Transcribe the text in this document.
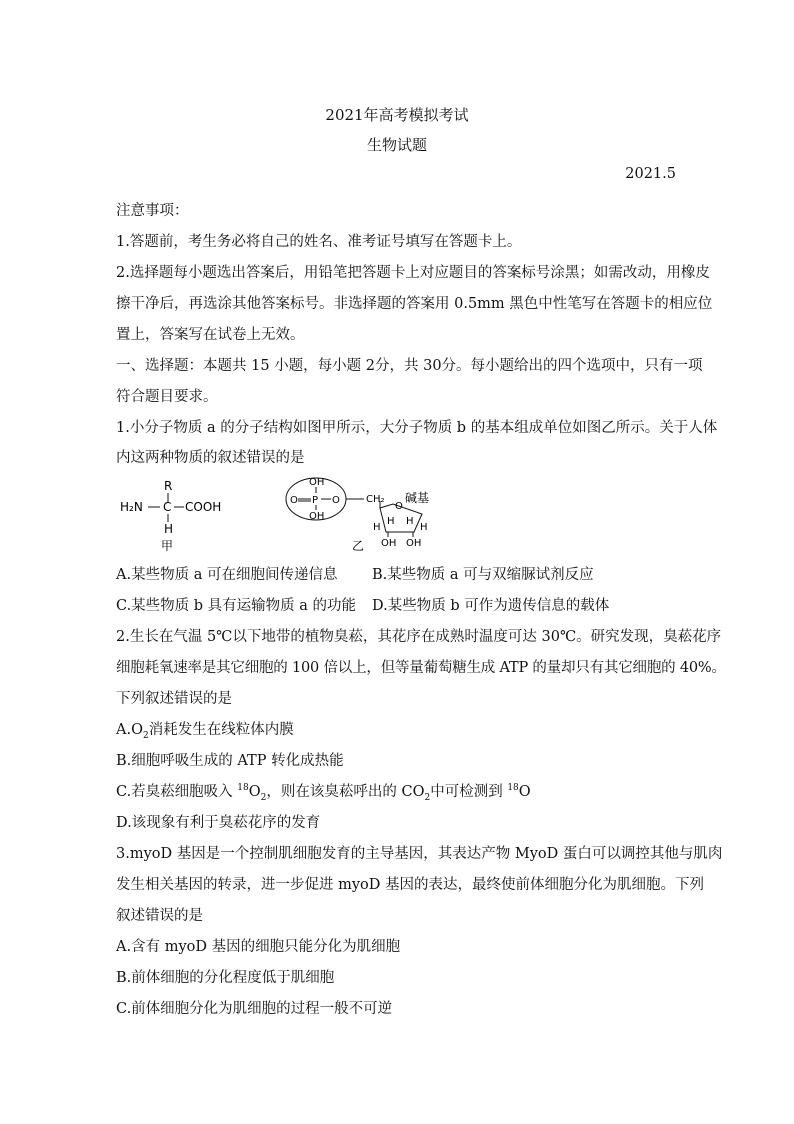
2021年高考模拟考试
生物试题
2021.5
注意事项：
1.答题前，考生务必将自己的姓名、准考证号填写在答题卡上。
2.选择题每小题选出答案后，用铅笔把答题卡上对应题目的答案标号涂黑；如需改动，用橡皮
擦干净后，再选涂其他答案标号。非选择题的答案用 0.5mm 黑色中性笔写在答题卡的相应位
置上，答案写在试卷上无效。
一、选择题：本题共 15 小题，每小题 2分，共 30分。每小题给出的四个选项中，只有一项
符合题目要求。
1.小分子物质 a 的分子结构如图甲所示，大分子物质 b 的基本组成单位如图乙所示。关于人体
内这两种物质的叙述错误的是
R
H₂N C COOH
H
甲
OH
O P O
OH
CH₂
O
碱基
H
H H
H
OH OH
乙
A.某些物质 a 可在细胞间传递信息 B.某些物质 a 可与双缩脲试剂反应
C.某些物质 b 具有运输物质 a 的功能 D.某些物质 b 可作为遗传信息的载体
2.生长在气温 5℃以下地带的植物臭菘，其花序在成熟时温度可达 30℃。研究发现，臭菘花序
细胞耗氧速率是其它细胞的 100 倍以上，但等量葡萄糖生成 ATP 的量却只有其它细胞的 40%。
下列叙述错误的是
$A.O_2$消耗发生在线粒体内膜
B.细胞呼吸生成的 ATP 转化成热能
C.若臭菘细胞吸入 $^{18}O_2$，则在该臭菘呼出的 $CO_2$中可检测到 $^{18}$O
D.该现象有利于臭菘花序的发育
3.myoD 基因是一个控制肌细胞发育的主导基因，其表达产物 MyoD 蛋白可以调控其他与肌肉
发生相关基因的转录，进一步促进 myoD 基因的表达，最终使前体细胞分化为肌细胞。下列
叙述错误的是
A.含有 myoD 基因的细胞只能分化为肌细胞
B.前体细胞的分化程度低于肌细胞
C.前体细胞分化为肌细胞的过程一般不可逆
